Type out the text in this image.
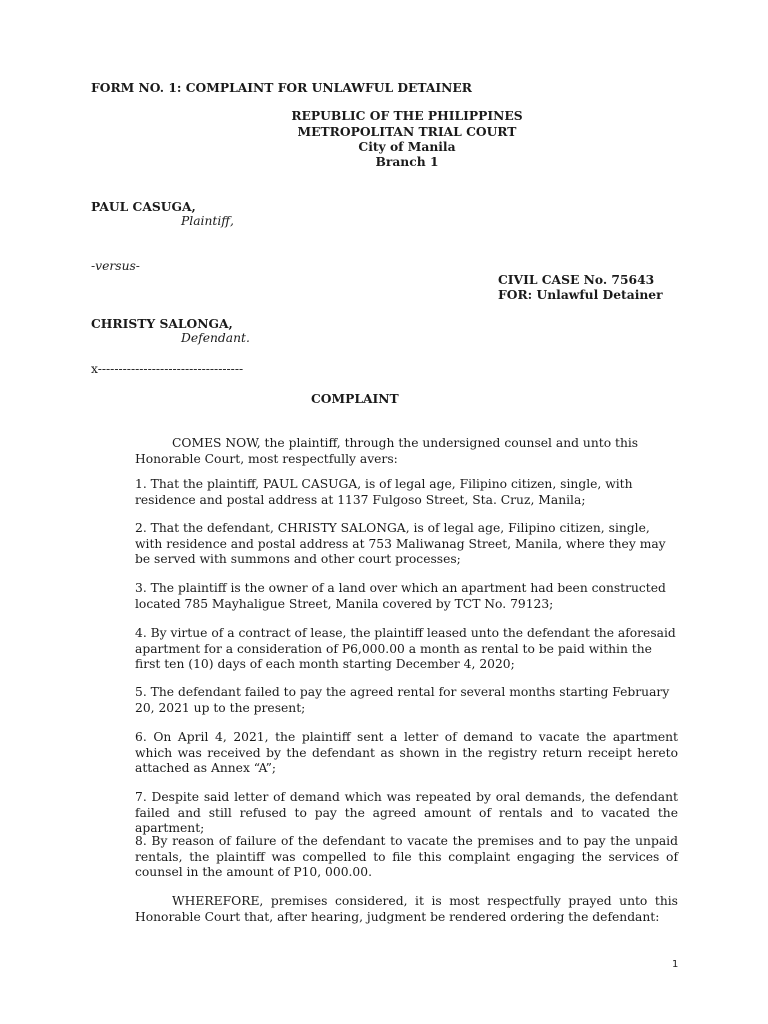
FORM NO. 1: COMPLAINT FOR UNLAWFUL DETAINER
REPUBLIC OF THE PHILIPPINES
METROPOLITAN TRIAL COURT
City of Manila
Branch 1
PAUL CASUGA,
Plaintiff,
-versus-
CIVIL CASE No. 75643
FOR: Unlawful Detainer
CHRISTY SALONGA,
Defendant.
x-----------------------------------
COMPLAINT
COMES NOW, the plaintiff, through the undersigned counsel and unto this Honorable Court, most respectfully avers:
1. That the plaintiff, PAUL CASUGA, is of legal age, Filipino citizen, single, with residence and postal address at 1137 Fulgoso Street, Sta. Cruz, Manila;
2. That the defendant, CHRISTY SALONGA, is of legal age, Filipino citizen, single, with residence and postal address at 753 Maliwanag Street, Manila, where they may be served with summons and other court processes;
3. The plaintiff is the owner of a land over which an apartment had been constructed located 785 Mayhaligue Street, Manila covered by TCT No. 79123;
4. By virtue of a contract of lease, the plaintiff leased unto the defendant the aforesaid apartment for a consideration of P6,000.00 a month as rental to be paid within the first ten (10) days of each month starting December 4, 2020;
5. The defendant failed to pay the agreed rental for several months starting February 20, 2021 up to the present;
6. On April 4, 2021, the plaintiff sent a letter of demand to vacate the apartment which was received by the defendant as shown in the registry return receipt hereto attached as Annex “A”;
7. Despite said letter of demand which was repeated by oral demands, the defendant failed and still refused to pay the agreed amount of rentals and to vacated the apartment;
8. By reason of failure of the defendant to vacate the premises and to pay the unpaid rentals, the plaintiff was compelled to file this complaint engaging the services of counsel in the amount of P10, 000.00.
WHEREFORE, premises considered, it is most respectfully prayed unto this Honorable Court that, after hearing, judgment be rendered ordering the defendant:
1
